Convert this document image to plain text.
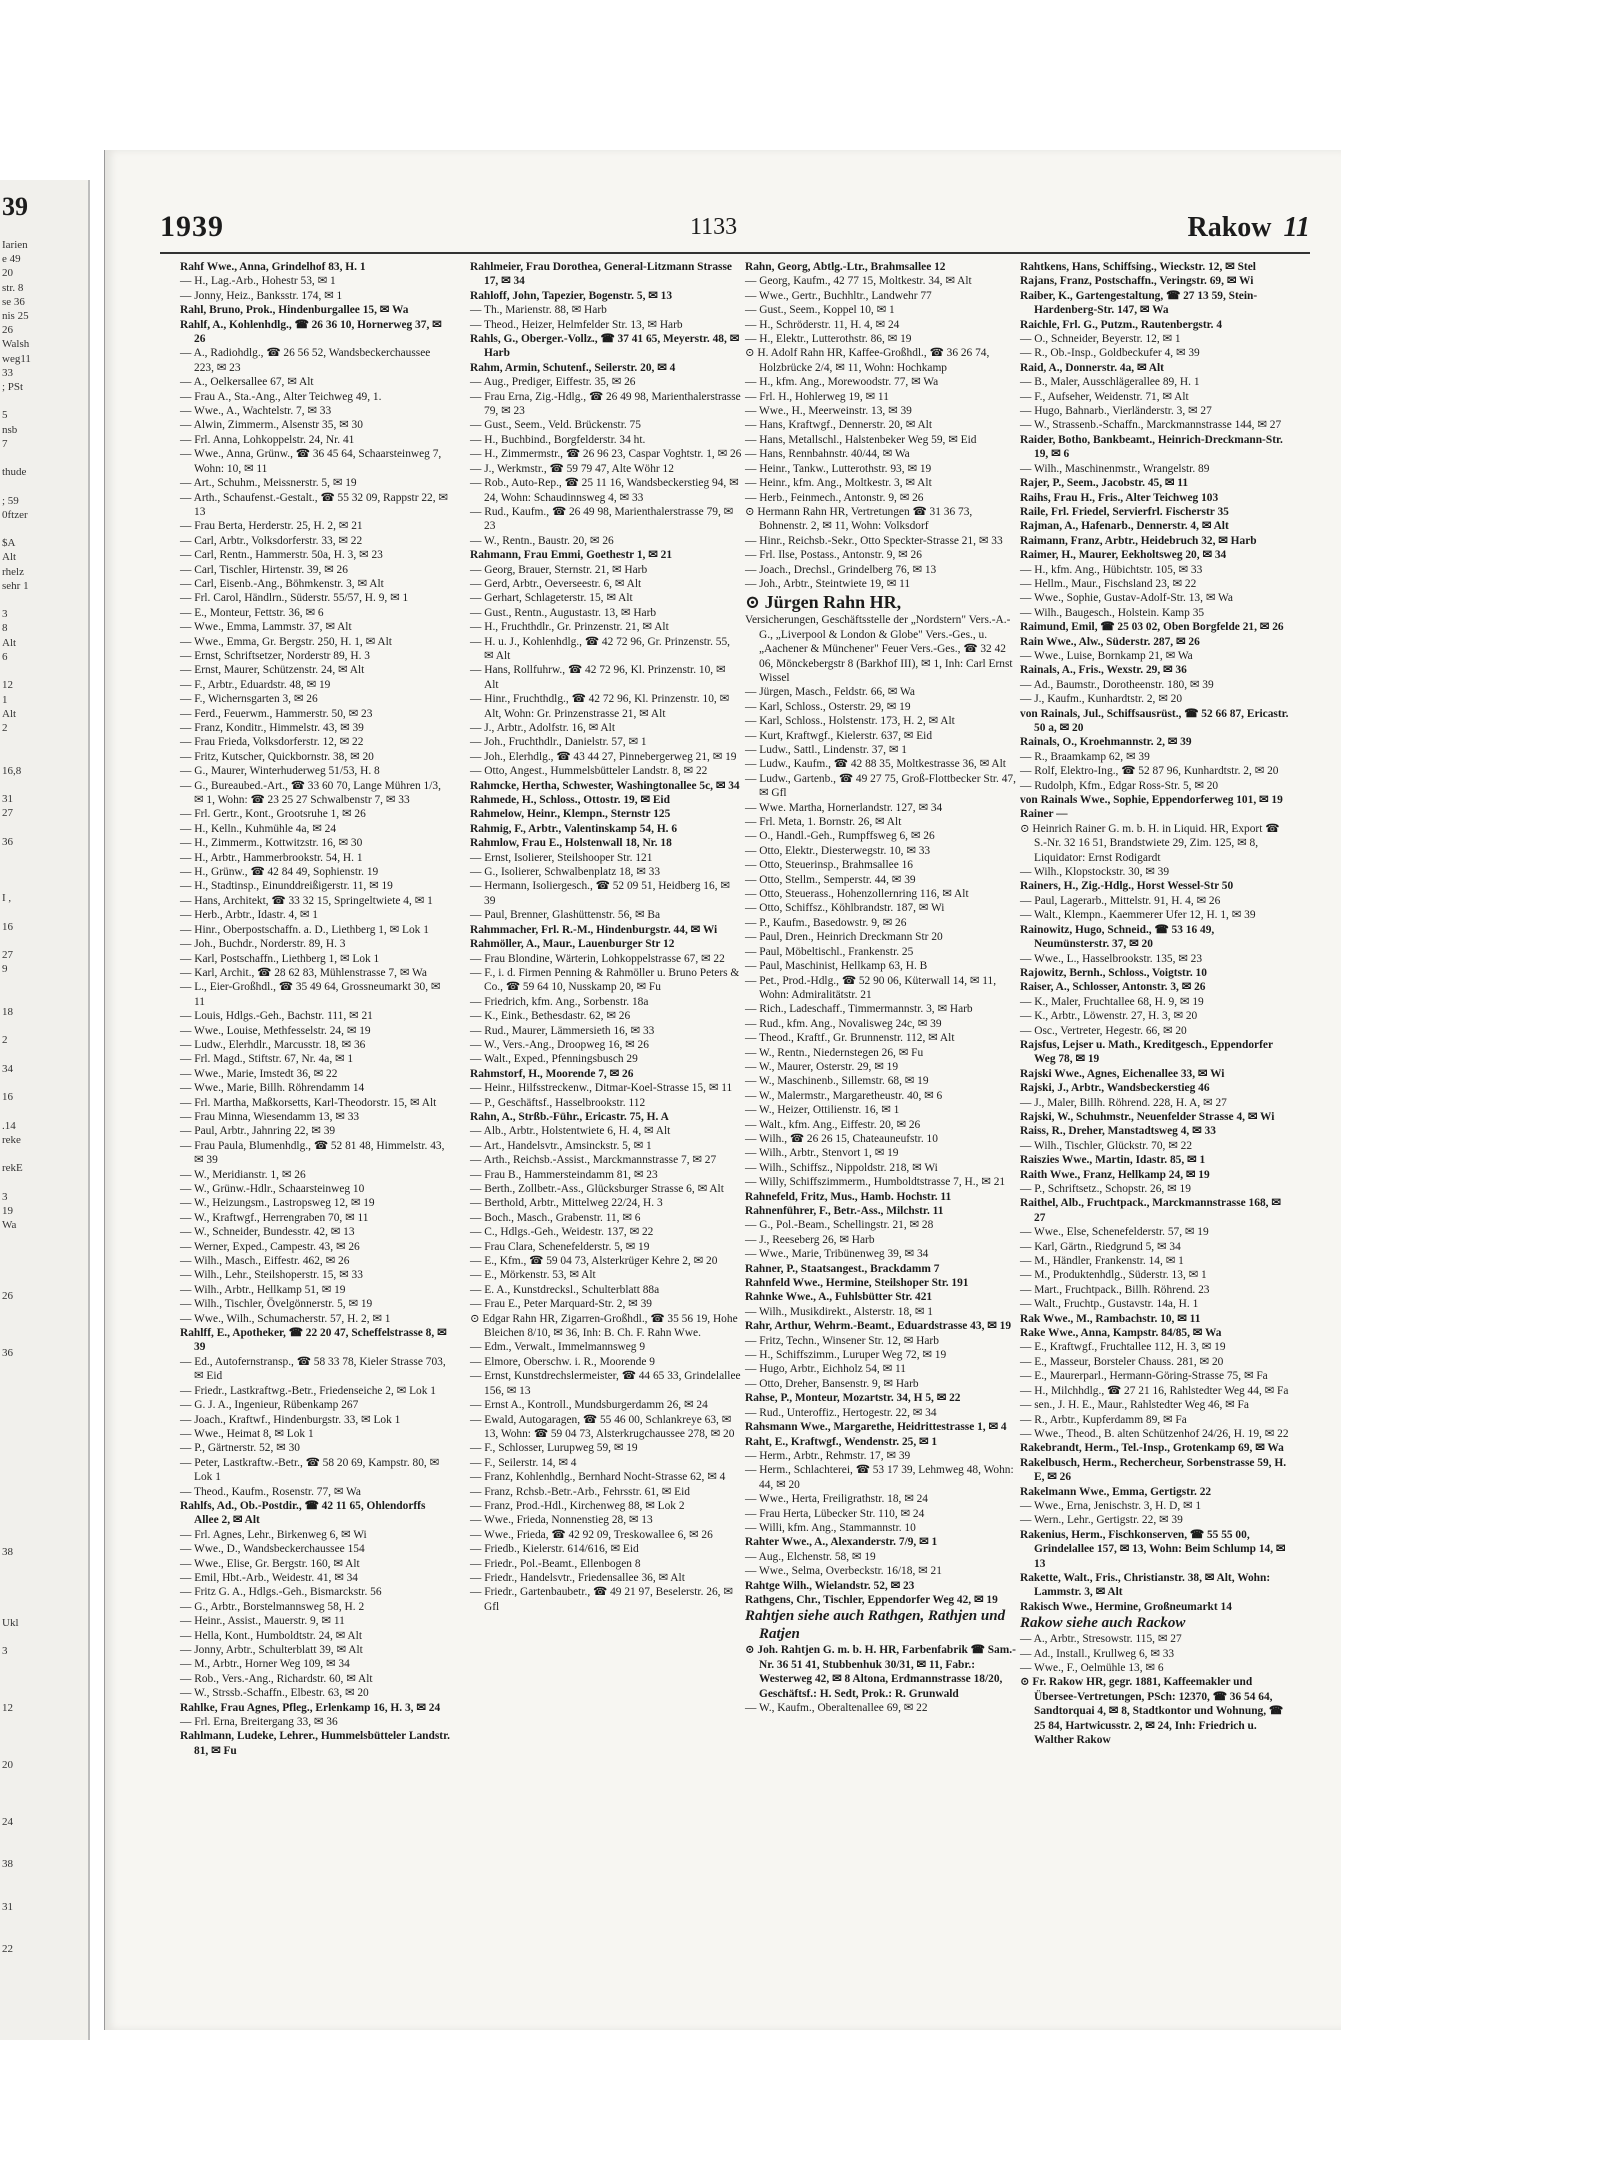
39
Iarien
e 49
20
str. 8
se 36
nis 25
26
Walsh
weg11
33
; PSt

5
nsb
7

thude

; 59
0ftzer

$A
Alt
rhelz
sehr 1

3
8
Alt
6

12
1
Alt
2

16,8

31
27

36

I ,

16

27
9

18

2

34

16

.14
reke

rekE

3
19
Wa

26

36

38

Ukl

3

12

20

24

38

31

22
1939	1133	Rakow 11

Rahf Wwe., Anna, Grindelhof 83, H. 1

— H., Lag.-Arb., Hohestr 53, ✉ 1

— Jonny, Heiz., Banksstr. 174, ✉ 1

Rahl, Bruno, Prok., Hindenburgallee 15, ✉ Wa

Rahlf, A., Kohlenhdlg., ☎ 26 36 10, Hornerweg 37, ✉ 26

— A., Radiohdlg., ☎ 26 56 52, Wandsbeckerchaussee 223, ✉ 23

— A., Oelkersallee 67, ✉ Alt

— Frau A., Sta.-Ang., Alter Teichweg 49, 1.

— Wwe., A., Wachtelstr. 7, ✉ 33

— Alwin, Zimmerm., Alsenstr 35, ✉ 30

— Frl. Anna, Lohkoppelstr. 24, Nr. 41

— Wwe., Anna, Grünw., ☎ 36 45 64, Schaarsteinweg 7, Wohn: 10, ✉ 11

— Art., Schuhm., Meissnerstr. 5, ✉ 19

— Arth., Schaufenst.-Gestalt., ☎ 55 32 09, Rappstr 22, ✉ 13

— Frau Berta, Herderstr. 25, H. 2, ✉ 21

— Carl, Arbtr., Volksdorferstr. 33, ✉ 22

— Carl, Rentn., Hammerstr. 50a, H. 3, ✉ 23

— Carl, Tischler, Hirtenstr. 39, ✉ 26

— Carl, Eisenb.-Ang., Böhmkenstr. 3, ✉ Alt

— Frl. Carol, Händlrn., Süderstr. 55/57, H. 9, ✉ 1

— E., Monteur, Fettstr. 36, ✉ 6

— Wwe., Emma, Lammstr. 37, ✉ Alt

— Wwe., Emma, Gr. Bergstr. 250, H. 1, ✉ Alt

— Ernst, Schriftsetzer, Norderstr 89, H. 3

— Ernst, Maurer, Schützenstr. 24, ✉ Alt

— F., Arbtr., Eduardstr. 48, ✉ 19

— F., Wichernsgarten 3, ✉ 26

— Ferd., Feuerwm., Hammerstr. 50, ✉ 23

— Franz, Konditr., Himmelstr. 43, ✉ 39

— Frau Frieda, Volksdorferstr. 12, ✉ 22

— Fritz, Kutscher, Quickbornstr. 38, ✉ 20

— G., Maurer, Winterhuderweg 51/53, H. 8

— G., Bureaubed.-Art., ☎ 33 60 70, Lange Mühren 1/3, ✉ 1, Wohn: ☎ 23 25 27 Schwalbenstr 7, ✉ 33

— Frl. Gertr., Kont., Grootsruhe 1, ✉ 26

— H., Kelln., Kuhmühle 4a, ✉ 24

— H., Zimmerm., Kottwitzstr. 16, ✉ 30

— H., Arbtr., Hammerbrookstr. 54, H. 1

— H., Grünw., ☎ 42 84 49, Sophienstr. 19

— H., Stadtinsp., Einunddreißigerstr. 11, ✉ 19

— Hans, Architekt, ☎ 33 32 15, Springeltwiete 4, ✉ 1

— Herb., Arbtr., Idastr. 4, ✉ 1

— Hinr., Oberpostschaffn. a. D., Liethberg 1, ✉ Lok 1

— Joh., Buchdr., Norderstr. 89, H. 3

— Karl, Postschaffn., Liethberg 1, ✉ Lok 1

— Karl, Archit., ☎ 28 62 83, Mühlenstrasse 7, ✉ Wa

— L., Eier-Großhdl., ☎ 35 49 64, Grossneumarkt 30, ✉ 11

— Louis, Hdlgs.-Geh., Bachstr. 111, ✉ 21

— Wwe., Louise, Methfesselstr. 24, ✉ 19

— Ludw., Elerhdlr., Marcusstr. 18, ✉ 36

— Frl. Magd., Stiftstr. 67, Nr. 4a, ✉ 1

— Wwe., Marie, Imstedt 36, ✉ 22

— Wwe., Marie, Billh. Röhrendamm 14

— Frl. Martha, Maßkorsetts, Karl-Theodorstr. 15, ✉ Alt

— Frau Minna, Wiesendamm 13, ✉ 33

— Paul, Arbtr., Jahnring 22, ✉ 39

— Frau Paula, Blumenhdlg., ☎ 52 81 48, Himmelstr. 43, ✉ 39

— W., Meridianstr. 1, ✉ 26

— W., Grünw.-Hdlr., Schaarsteinweg 10

— W., Heizungsm., Lastropsweg 12, ✉ 19

— W., Kraftwgf., Herrengraben 70, ✉ 11

— W., Schneider, Bundesstr. 42, ✉ 13

— Werner, Exped., Campestr. 43, ✉ 26

— Wilh., Masch., Eiffestr. 462, ✉ 26

— Wilh., Lehr., Steilshoperstr. 15, ✉ 33

— Wilh., Arbtr., Hellkamp 51, ✉ 19

— Wilh., Tischler, Övelgönnerstr. 5, ✉ 19

— Wwe., Wilh., Schumacherstr. 57, H. 2, ✉ 1

Rahlff, E., Apotheker, ☎ 22 20 47, Scheffelstrasse 8, ✉ 39

— Ed., Autofernstransp., ☎ 58 33 78, Kieler Strasse 703, ✉ Eid

— Friedr., Lastkraftwg.-Betr., Friedenseiche 2, ✉ Lok 1

— G. J. A., Ingenieur, Rübenkamp 267

— Joach., Kraftwf., Hindenburgstr. 33, ✉ Lok 1

— Wwe., Heimat 8, ✉ Lok 1

— P., Gärtnerstr. 52, ✉ 30

— Peter, Lastkraftw.-Betr., ☎ 58 20 69, Kampstr. 80, ✉ Lok 1

— Theod., Kaufm., Rosenstr. 77, ✉ Wa

Rahlfs, Ad., Ob.-Postdir., ☎ 42 11 65, Ohlendorffs Allee 2, ✉ Alt

— Frl. Agnes, Lehr., Birkenweg 6, ✉ Wi

— Wwe., D., Wandsbeckerchaussee 154

— Wwe., Elise, Gr. Bergstr. 160, ✉ Alt

— Emil, Hbt.-Arb., Weidestr. 41, ✉ 34

— Fritz G. A., Hdlgs.-Geh., Bismarckstr. 56

— G., Arbtr., Borstelmannsweg 58, H. 2

— Heinr., Assist., Mauerstr. 9, ✉ 11

— Hella, Kont., Humboldtstr. 24, ✉ Alt

— Jonny, Arbtr., Schulterblatt 39, ✉ Alt

— M., Arbtr., Horner Weg 109, ✉ 34

— Rob., Vers.-Ang., Richardstr. 60, ✉ Alt

— W., Strssb.-Schaffn., Elbestr. 63, ✉ 20

Rahlke, Frau Agnes, Pfleg., Erlenkamp 16, H. 3, ✉ 24

— Frl. Erna, Breitergang 33, ✉ 36

Rahlmann, Ludeke, Lehrer., Hummelsbütteler Landstr. 81, ✉ Fu

Rahlmeier, Frau Dorothea, General-Litzmann Strasse 17, ✉ 34

Rahloff, John, Tapezier, Bogenstr. 5, ✉ 13

— Th., Marienstr. 88, ✉ Harb

— Theod., Heizer, Helmfelder Str. 13, ✉ Harb

Rahls, G., Oberger.-Vollz., ☎ 37 41 65, Meyerstr. 48, ✉ Harb

Rahm, Armin, Schutenf., Seilerstr. 20, ✉ 4

— Aug., Prediger, Eiffestr. 35, ✉ 26

— Frau Erna, Zig.-Hdlg., ☎ 26 49 98, Marienthalerstrasse 79, ✉ 23

— Gust., Seem., Veld. Brückenstr. 75

— H., Buchbind., Borgfelderstr. 34 ht.

— H., Zimmermstr., ☎ 26 96 23, Caspar Voghtstr. 1, ✉ 26

— J., Werkmstr., ☎ 59 79 47, Alte Wöhr 12

— Rob., Auto-Rep., ☎ 25 11 16, Wandsbeckerstieg 94, ✉ 24, Wohn: Schaudinnsweg 4, ✉ 33

— Rud., Kaufm., ☎ 26 49 98, Marienthalerstrasse 79, ✉ 23

— W., Rentn., Baustr. 20, ✉ 26

Rahmann, Frau Emmi, Goethestr 1, ✉ 21

— Georg, Brauer, Sternstr. 21, ✉ Harb

— Gerd, Arbtr., Oeverseestr. 6, ✉ Alt

— Gerhart, Schlageterstr. 15, ✉ Alt

— Gust., Rentn., Augustastr. 13, ✉ Harb

— H., Fruchthdlr., Gr. Prinzenstr. 21, ✉ Alt

— H. u. J., Kohlenhdlg., ☎ 42 72 96, Gr. Prinzenstr. 55, ✉ Alt

— Hans, Rollfuhrw., ☎ 42 72 96, Kl. Prinzenstr. 10, ✉ Alt

— Hinr., Fruchthdlg., ☎ 42 72 96, Kl. Prinzenstr. 10, ✉ Alt, Wohn: Gr. Prinzenstrasse 21, ✉ Alt

— J., Arbtr., Adolfstr. 16, ✉ Alt

— Joh., Fruchthdlr., Danielstr. 57, ✉ 1

— Joh., Elerhdlg., ☎ 43 44 27, Pinnebergerweg 21, ✉ 19

— Otto, Angest., Hummelsbütteler Landstr. 8, ✉ 22

Rahmcke, Hertha, Schwester, Washingtonallee 5c, ✉ 34

Rahmede, H., Schloss., Ottostr. 19, ✉ Eid

Rahmelow, Heinr., Klempn., Sternstr 125

Rahmig, F., Arbtr., Valentinskamp 54, H. 6

Rahmlow, Frau E., Holstenwall 18, Nr. 18

— Ernst, Isolierer, Steilshooper Str. 121

— G., Isolierer, Schwalbenplatz 18, ✉ 33

— Hermann, Isoliergesch., ☎ 52 09 51, Heidberg 16, ✉ 39

— Paul, Brenner, Glashüttenstr. 56, ✉ Ba

Rahmmacher, Frl. R.-M., Hindenburgstr. 44, ✉ Wi

Rahmöller, A., Maur., Lauenburger Str 12

— Frau Blondine, Wärterin, Lohkoppelstrasse 67, ✉ 22

— F., i. d. Firmen Penning & Rahmöller u. Bruno Peters & Co., ☎ 59 64 10, Nusskamp 20, ✉ Fu

— Friedrich, kfm. Ang., Sorbenstr. 18a

— K., Eink., Bethesdastr. 62, ✉ 26

— Rud., Maurer, Lämmersieth 16, ✉ 33

— W., Vers.-Ang., Droopweg 16, ✉ 26

— Walt., Exped., Pfenningsbusch 29

Rahmstorf, H., Moorende 7, ✉ 26

— Heinr., Hilfsstreckenw., Ditmar-Koel-Strasse 15, ✉ 11

— P., Geschäftsf., Hasselbrookstr. 112

Rahn, A., Strßb.-Führ., Ericastr. 75, H. A

— Alb., Arbtr., Holstentwiete 6, H. 4, ✉ Alt

— Art., Handelsvtr., Amsinckstr. 5, ✉ 1

— Arth., Reichsb.-Assist., Marckmannstrasse 7, ✉ 27

— Frau B., Hammersteindamm 81, ✉ 23

— Berth., Zollbetr.-Ass., Glücksburger Strasse 6, ✉ Alt

— Berthold, Arbtr., Mittelweg 22/24, H. 3

— Boch., Masch., Grabenstr. 11, ✉ 6

— C., Hdlgs.-Geh., Weidestr. 137, ✉ 22

— Frau Clara, Schenefelderstr. 5, ✉ 19

— E., Kfm., ☎ 59 04 73, Alsterkrüger Kehre 2, ✉ 20

— E., Mörkenstr. 53, ✉ Alt

— E. A., Kunstdrecksl., Schulterblatt 88a

— Frau E., Peter Marquard-Str. 2, ✉ 39

⊙ Edgar Rahn HR, Zigarren-Großhdl., ☎ 35 56 19, Hohe Bleichen 8/10, ✉ 36, Inh: B. Ch. F. Rahn Wwe.

— Edm., Verwalt., Immelmannsweg 9

— Elmore, Oberschw. i. R., Moorende 9

— Ernst, Kunstdrechslermeister, ☎ 44 65 33, Grindelallee 156, ✉ 13

— Ernst A., Kontroll., Mundsburgerdamm 26, ✉ 24

— Ewald, Autogaragen, ☎ 55 46 00, Schlankreye 63, ✉ 13, Wohn: ☎ 59 04 73, Alsterkrugchaussee 278, ✉ 20

— F., Schlosser, Lurupweg 59, ✉ 19

— F., Seilerstr. 14, ✉ 4

— Franz, Kohlenhdlg., Bernhard Nocht-Strasse 62, ✉ 4

— Franz, Rchsb.-Betr.-Arb., Fehrsstr. 61, ✉ Eid

— Franz, Prod.-Hdl., Kirchenweg 88, ✉ Lok 2

— Wwe., Frieda, Nonnenstieg 28, ✉ 13

— Wwe., Frieda, ☎ 42 92 09, Treskowallee 6, ✉ 26

— Friedb., Kielerstr. 614/616, ✉ Eid

— Friedr., Pol.-Beamt., Ellenbogen 8

— Friedr., Handelsvtr., Friedensallee 36, ✉ Alt

— Friedr., Gartenbaubetr., ☎ 49 21 97, Beselerstr. 26, ✉ Gfl

Rahn, Georg, Abtlg.-Ltr., Brahmsallee 12

— Georg, Kaufm., 42 77 15, Moltkestr. 34, ✉ Alt

— Wwe., Gertr., Buchhltr., Landwehr 77

— Gust., Seem., Koppel 10, ✉ 1

— H., Schröderstr. 11, H. 4, ✉ 24

— H., Elektr., Lutterothstr. 86, ✉ 19

⊙ H. Adolf Rahn HR, Kaffee-Großhdl., ☎ 36 26 74, Holzbrücke 2/4, ✉ 11, Wohn: Hochkamp

— H., kfm. Ang., Morewoodstr. 77, ✉ Wa

— Frl. H., Hohlerweg 19, ✉ 11

— Wwe., H., Meerweinstr. 13, ✉ 39

— Hans, Kraftwgf., Dennerstr. 20, ✉ Alt

— Hans, Metallschl., Halstenbeker Weg 59, ✉ Eid

— Hans, Rennbahnstr. 40/44, ✉ Wa

— Heinr., Tankw., Lutterothstr. 93, ✉ 19

— Heinr., kfm. Ang., Moltkestr. 3, ✉ Alt

— Herb., Feinmech., Antonstr. 9, ✉ 26

⊙ Hermann Rahn HR, Vertretungen ☎ 31 36 73, Bohnenstr. 2, ✉ 11, Wohn: Volksdorf

— Hinr., Reichsb.-Sekr., Otto Speckter-Strasse 21, ✉ 33

— Frl. Ilse, Postass., Antonstr. 9, ✉ 26

— Joach., Drechsl., Grindelberg 76, ✉ 13

— Joh., Arbtr., Steintwiete 19, ✉ 11

⊙ Jürgen Rahn HR,

Versicherungen, Geschäftsstelle der „Nordstern" Vers.-A.-G., „Liverpool & London & Globe" Vers.-Ges., u. „Aachener & Münchener" Feuer Vers.-Ges., ☎ 32 42 06, Mönckebergstr 8 (Barkhof III), ✉ 1, Inh: Carl Ernst Wissel

— Jürgen, Masch., Feldstr. 66, ✉ Wa

— Karl, Schloss., Osterstr. 29, ✉ 19

— Karl, Schloss., Holstenstr. 173, H. 2, ✉ Alt

— Kurt, Kraftwgf., Kielerstr. 637, ✉ Eid

— Ludw., Sattl., Lindenstr. 37, ✉ 1

— Ludw., Kaufm., ☎ 42 88 35, Moltkestrasse 36, ✉ Alt

— Ludw., Gartenb., ☎ 49 27 75, Groß-Flottbecker Str. 47, ✉ Gfl

— Wwe. Martha, Hornerlandstr. 127, ✉ 34

— Frl. Meta, 1. Bornstr. 26, ✉ Alt

— O., Handl.-Geh., Rumpffsweg 6, ✉ 26

— Otto, Elektr., Diesterwegstr. 10, ✉ 33

— Otto, Steuerinsp., Brahmsallee 16

— Otto, Stellm., Semperstr. 44, ✉ 39

— Otto, Steuerass., Hohenzollernring 116, ✉ Alt

— Otto, Schiffsz., Köhlbrandstr. 187, ✉ Wi

— P., Kaufm., Basedowstr. 9, ✉ 26

— Paul, Dren., Heinrich Dreckmann Str 20

— Paul, Möbeltischl., Frankenstr. 25

— Paul, Maschinist, Hellkamp 63, H. B

— Pet., Prod.-Hdlg., ☎ 52 90 06, Küterwall 14, ✉ 11, Wohn: Admiralitätstr. 21

— Rich., Ladeschaff., Timmermannstr. 3, ✉ Harb

— Rud., kfm. Ang., Novalisweg 24c, ✉ 39

— Theod., Kraftf., Gr. Brunnenstr. 112, ✉ Alt

— W., Rentn., Niedernstegen 26, ✉ Fu

— W., Maurer, Osterstr. 29, ✉ 19

— W., Maschinenb., Sillemstr. 68, ✉ 19

— W., Malermstr., Margaretheustr. 40, ✉ 6

— W., Heizer, Ottilienstr. 16, ✉ 1

— Walt., kfm. Ang., Eiffestr. 20, ✉ 26

— Wilh., ☎ 26 26 15, Chateauneufstr. 10

— Wilh., Arbtr., Stenvort 1, ✉ 19

— Wilh., Schiffsz., Nippoldstr. 218, ✉ Wi

— Willy, Schiffszimmerm., Humboldtstrasse 7, H., ✉ 21

Rahnefeld, Fritz, Mus., Hamb. Hochstr. 11

Rahnenführer, F., Betr.-Ass., Milchstr. 11

— G., Pol.-Beam., Schellingstr. 21, ✉ 28

— J., Reeseberg 26, ✉ Harb

— Wwe., Marie, Tribünenweg 39, ✉ 34

Rahner, P., Staatsangest., Brackdamm 7

Rahnfeld Wwe., Hermine, Steilshoper Str. 191

Rahnke Wwe., A., Fuhlsbütter Str. 421

— Wilh., Musikdirekt., Alsterstr. 18, ✉ 1

Rahr, Arthur, Wehrm.-Beamt., Eduardstrasse 43, ✉ 19

— Fritz, Techn., Winsener Str. 12, ✉ Harb

— H., Schiffszimm., Luruper Weg 72, ✉ 19

— Hugo, Arbtr., Eichholz 54, ✉ 11

— Otto, Dreher, Bansenstr. 9, ✉ Harb

Rahse, P., Monteur, Mozartstr. 34, H 5, ✉ 22

— Rud., Unteroffiz., Hertogestr. 22, ✉ 34

Rahsmann Wwe., Margarethe, Heidrittestrasse 1, ✉ 4

Raht, E., Kraftwgf., Wendenstr. 25, ✉ 1

— Herm., Arbtr., Rehmstr. 17, ✉ 39

— Herm., Schlachterei, ☎ 53 17 39, Lehmweg 48, Wohn: 44, ✉ 20

— Wwe., Herta, Freiligrathstr. 18, ✉ 24

— Frau Herta, Lübecker Str. 110, ✉ 24

— Willi, kfm. Ang., Stammannstr. 10

Rahter Wwe., A., Alexanderstr. 7/9, ✉ 1

— Aug., Elchenstr. 58, ✉ 19

— Wwe., Selma, Overbeckstr. 16/18, ✉ 21

Rahtge Wilh., Wielandstr. 52, ✉ 23

Rathgens, Chr., Tischler, Eppendorfer Weg 42, ✉ 19

Rahtjen siehe auch Rathgen, Rathjen und Ratjen

⊙ Joh. Rahtjen G. m. b. H. HR, Farbenfabrik ☎ Sam.-Nr. 36 51 41, Stubbenhuk 30/31, ✉ 11, Fabr.: Westerweg 42, ✉ 8 Altona, Erdmannstrasse 18/20, Geschäftsf.: H. Sedt, Prok.: R. Grunwald

— W., Kaufm., Oberaltenallee 69, ✉ 22

Rahtkens, Hans, Schiffsing., Wieckstr. 12, ✉ Stel

Rajans, Franz, Postschaffn., Veringstr. 69, ✉ Wi

Raiber, K., Gartengestaltung, ☎ 27 13 59, Stein-Hardenberg-Str. 147, ✉ Wa

Raichle, Frl. G., Putzm., Rautenbergstr. 4

— O., Schneider, Beyerstr. 12, ✉ 1

— R., Ob.-Insp., Goldbeckufer 4, ✉ 39

Raid, A., Donnerstr. 4a, ✉ Alt

— B., Maler, Ausschlägerallee 89, H. 1

— F., Aufseher, Weidenstr. 71, ✉ Alt

— Hugo, Bahnarb., Vierländerstr. 3, ✉ 27

— W., Strassenb.-Schaffn., Marckmannstrasse 144, ✉ 27

Raider, Botho, Bankbeamt., Heinrich-Dreckmann-Str. 19, ✉ 6

— Wilh., Maschinenmstr., Wrangelstr. 89

Rajer, P., Seem., Jacobstr. 45, ✉ 11

Raihs, Frau H., Fris., Alter Teichweg 103

Raile, Frl. Friedel, Servierfrl. Fischerstr 35

Rajman, A., Hafenarb., Dennerstr. 4, ✉ Alt

Raimann, Franz, Arbtr., Heidebruch 32, ✉ Harb

Raimer, H., Maurer, Eekholtsweg 20, ✉ 34

— H., kfm. Ang., Hübichtstr. 105, ✉ 33

— Hellm., Maur., Fischsland 23, ✉ 22

— Wwe., Sophie, Gustav-Adolf-Str. 13, ✉ Wa

— Wilh., Baugesch., Holstein. Kamp 35

Raimund, Emil, ☎ 25 03 02, Oben Borgfelde 21, ✉ 26

Rain Wwe., Alw., Süderstr. 287, ✉ 26

— Wwe., Luise, Bornkamp 21, ✉ Wa

Rainals, A., Fris., Wexstr. 29, ✉ 36

— Ad., Baumstr., Dorotheenstr. 180, ✉ 39

— J., Kaufm., Kunhardtstr. 2, ✉ 20

von Rainals, Jul., Schiffsausrüst., ☎ 52 66 87, Ericastr. 50 a, ✉ 20

Rainals, O., Kroehmannstr. 2, ✉ 39

— R., Braamkamp 62, ✉ 39

— Rolf, Elektro-Ing., ☎ 52 87 96, Kunhardtstr. 2, ✉ 20

— Rudolph, Kfm., Edgar Ross-Str. 5, ✉ 20

von Rainals Wwe., Sophie, Eppendorferweg 101, ✉ 19

Rainer —

⊙ Heinrich Rainer G. m. b. H. in Liquid. HR, Export ☎ S.-Nr. 32 16 51, Brandstwiete 29, Zim. 125, ✉ 8, Liquidator: Ernst Rodigardt

— Wilh., Klopstockstr. 30, ✉ 39

Rainers, H., Zig.-Hdlg., Horst Wessel-Str 50

— Paul, Lagerarb., Mittelstr. 91, H. 4, ✉ 26

— Walt., Klempn., Kaemmerer Ufer 12, H. 1, ✉ 39

Rainowitz, Hugo, Schneid., ☎ 53 16 49, Neumünsterstr. 37, ✉ 20

— Wwe., L., Hasselbrookstr. 135, ✉ 23

Rajowitz, Bernh., Schloss., Voigtstr. 10

Raiser, A., Schlosser, Antonstr. 3, ✉ 26

— K., Maler, Fruchtallee 68, H. 9, ✉ 19

— K., Arbtr., Löwenstr. 27, H. 3, ✉ 20

— Osc., Vertreter, Hegestr. 66, ✉ 20

Rajsfus, Lejser u. Math., Kreditgesch., Eppendorfer Weg 78, ✉ 19

Rajski Wwe., Agnes, Eichenallee 33, ✉ Wi

Rajski, J., Arbtr., Wandsbeckerstieg 46

— J., Maler, Billh. Röhrend. 228, H. A, ✉ 27

Rajski, W., Schuhmstr., Neuenfelder Strasse 4, ✉ Wi

Raiss, R., Dreher, Manstadtsweg 4, ✉ 33

— Wilh., Tischler, Glückstr. 70, ✉ 22

Raiszies Wwe., Martin, Idastr. 85, ✉ 1

Raith Wwe., Franz, Hellkamp 24, ✉ 19

— P., Schriftsetz., Schopstr. 26, ✉ 19

Raithel, Alb., Fruchtpack., Marckmannstrasse 168, ✉ 27

— Wwe., Else, Schenefelderstr. 57, ✉ 19

— Karl, Gärtn., Riedgrund 5, ✉ 34

— M., Händler, Frankenstr. 14, ✉ 1

— M., Produktenhdlg., Süderstr. 13, ✉ 1

— Mart., Fruchtpack., Billh. Röhrend. 23

— Walt., Fruchtp., Gustavstr. 14a, H. 1

Rak Wwe., M., Rambachstr. 10, ✉ 11

Rake Wwe., Anna, Kampstr. 84/85, ✉ Wa

— E., Kraftwgf., Fruchtallee 112, H. 3, ✉ 19

— E., Masseur, Borsteler Chauss. 281, ✉ 20

— E., Maurerparl., Hermann-Göring-Strasse 75, ✉ Fa

— H., Milchhdlg., ☎ 27 21 16, Rahlstedter Weg 44, ✉ Fa

— sen., J. H. E., Maur., Rahlstedter Weg 46, ✉ Fa

— R., Arbtr., Kupferdamm 89, ✉ Fa

— Wwe., Theod., B. alten Schützenhof 24/26, H. 19, ✉ 22

Rakebrandt, Herm., Tel.-Insp., Grotenkamp 69, ✉ Wa

Rakelbusch, Herm., Rechercheur, Sorbenstrasse 59, H. E, ✉ 26

Rakelmann Wwe., Emma, Gertigstr. 22

— Wwe., Erna, Jenischstr. 3, H. D, ✉ 1

— Wern., Lehr., Gertigstr. 22, ✉ 39

Rakenius, Herm., Fischkonserven, ☎ 55 55 00, Grindelallee 157, ✉ 13, Wohn: Beim Schlump 14, ✉ 13

Rakette, Walt., Fris., Christianstr. 38, ✉ Alt, Wohn: Lammstr. 3, ✉ Alt

Rakisch Wwe., Hermine, Großneumarkt 14

Rakow siehe auch Rackow

— A., Arbtr., Stresowstr. 115, ✉ 27

— Ad., Install., Krullweg 6, ✉ 33

— Wwe., F., Oelmühle 13, ✉ 6

⊙ Fr. Rakow HR, gegr. 1881, Kaffeemakler und Übersee-Vertretungen, PSch: 12370, ☎ 36 54 64, Sandtorquai 4, ✉ 8, Stadtkontor und Wohnung, ☎ 25 84, Hartwicusstr. 2, ✉ 24, Inh: Friedrich u. Walther Rakow
